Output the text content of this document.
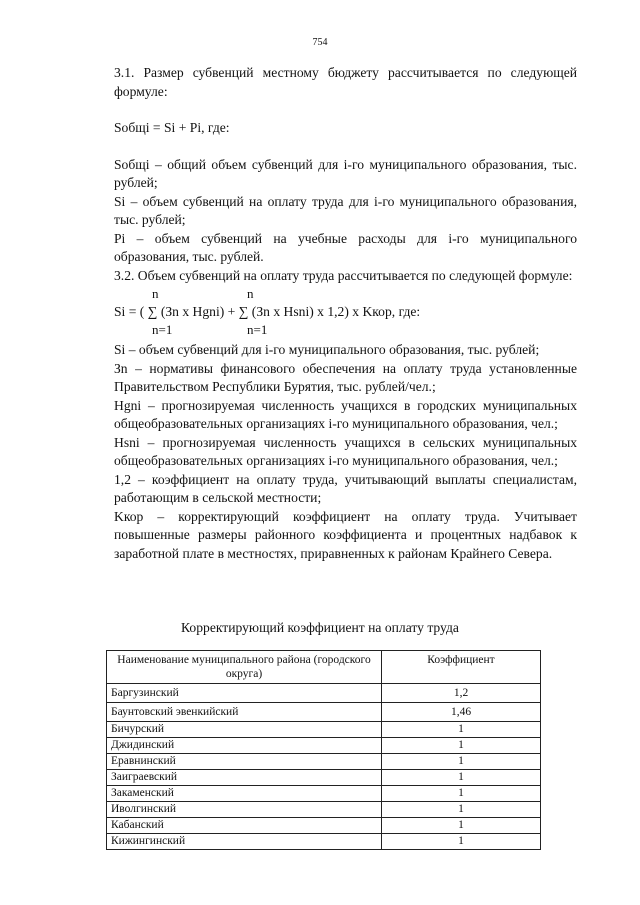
754

3.1. Размер субвенций местному бюджету рассчитывается по следующей формуле:

Sобщi = Si + Pi, где:

Sобщi – общий объем субвенций для i-го муниципального образования, тыс. рублей;

Si – объем субвенций на оплату труда для i-го муниципального образования, тыс. рублей;

Pi – объем субвенций на учебные расходы для i-го муниципального образования, тыс. рублей.

3.2. Объем субвенций на оплату труда рассчитывается по следующей формуле:

n	n
Si = ( ∑ (Зn x Hgni) + ∑ (Зn x Hsni) x 1,2) x Kкор, где:
n=1	n=1

Si – объем субвенций для i-го муниципального образования, тыс. рублей;

Зn – нормативы финансового обеспечения на оплату труда установленные Правительством Республики Бурятия, тыс. рублей/чел.;

Hgni – прогнозируемая численность учащихся в городских муниципальных общеобразовательных организациях i-го муниципального образования, чел.;

Hsni – прогнозируемая численность учащихся в сельских муниципальных общеобразовательных организациях i-го муниципального образования, чел.;

1,2 – коэффициент на оплату труда, учитывающий выплаты специалистам, работающим в сельской местности;

Kкор – корректирующий коэффициент на оплату труда. Учитывает повышенные размеры районного коэффициента и процентных надбавок к заработной плате в местностях, приравненных к районам Крайнего Севера.

Корректирующий коэффициент на оплату труда
Наименование муниципального района (городского округа)	Коэффициент
Баргузинский	1,2
Баунтовский эвенкийский	1,46
Бичурский	1
Джидинский	1
Еравнинский	1
Заиграевский	1
Закаменский	1
Иволгинский	1
Кабанский	1
Кижингинский	1
